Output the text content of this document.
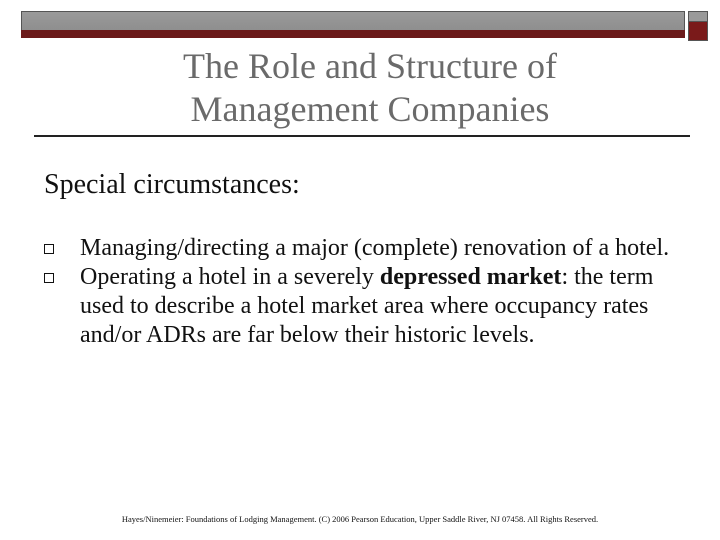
The Role and Structure of
Management Companies

Special circumstances:

Managing/directing a major (complete) renovation of a hotel.
Operating a hotel in a severely depressed market: the term used to describe a hotel market area where occupancy rates and/or ADRs are far below their historic levels.
Hayes/Ninemeier: Foundations of Lodging Management. (C) 2006 Pearson Education, Upper Saddle River, NJ 07458. All Rights Reserved.
